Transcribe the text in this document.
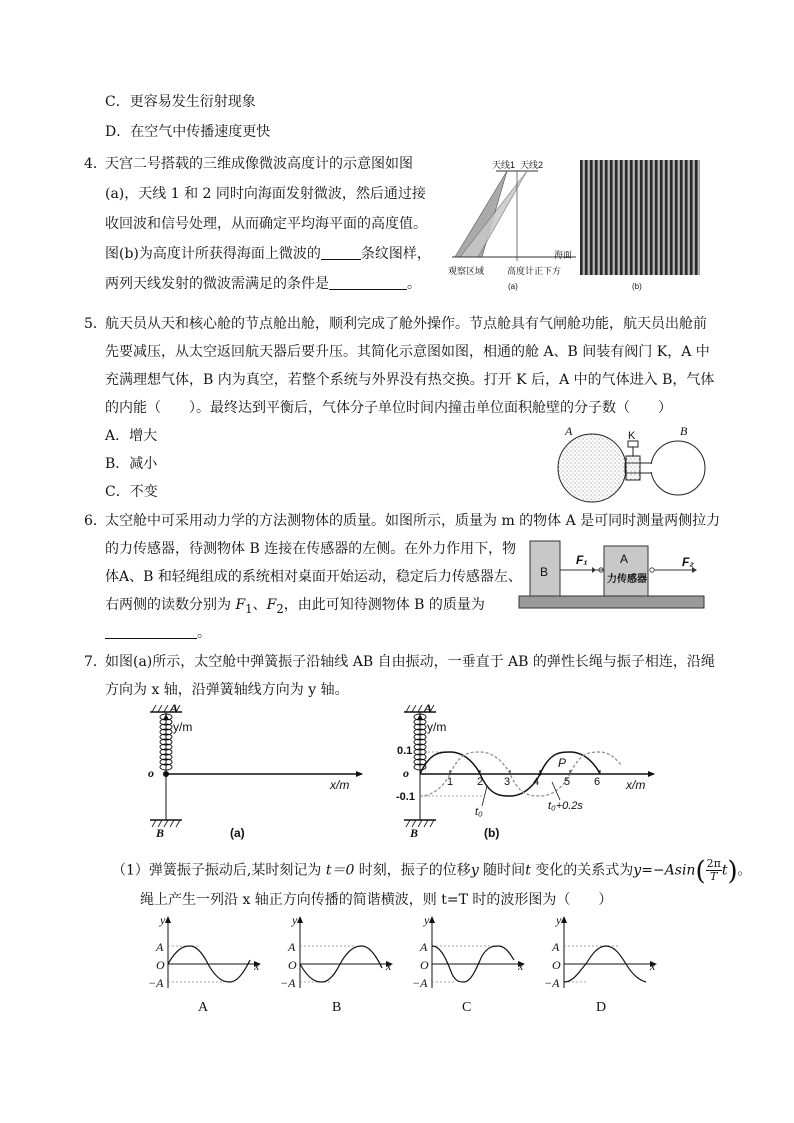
C．更容易发生衍射现象
D．在空气中传播速度更快
4．
天宫二号搭载的三维成像微波高度计的示意图如图
(a)，天线 1 和 2 同时向海面发射微波，然后通过接
收回波和信号处理，从而确定平均海平面的高度值。
图(b)为高度计所获得海面上微波的	条纹图样，
两列天线发射的微波需满足的条件是	。
天线1 天线2
海面
观察区域	高度计正下方
(a)	(b)
5．
航天员从天和核心舱的节点舱出舱，顺利完成了舱外操作。节点舱具有气闸舱功能，航天员出舱前
先要减压，从太空返回航天器后要升压。其简化示意图如图，相通的舱 A、B 间装有阀门 K，A 中
充满理想气体，B 内为真空，若整个系统与外界没有热交换。打开 K 后，A 中的气体进入 B，气体
的内能（　　）。最终达到平衡后，气体分子单位时间内撞击单位面积舱壁的分子数（　　）
A．增大
B．减小
C．不变
A	K	B
6．
太空舱中可采用动力学的方法测物体的质量。如图所示，质量为 m 的物体 A 是可同时测量两侧拉力
的力传感器，待测物体 B 连接在传感器的左侧。在外力作用下，物
体A、B 和轻绳组成的系统相对桌面开始运动，稳定后力传感器左、
右两侧的读数分别为 $F_1$、$F_2$，由此可知待测物体 B 的质量为
。
B
F₁	A
力传感器
F₂
7．
如图(a)所示，太空舱中弹簧振子沿轴线 AB 自由振动，一垂直于 AB 的弹性长绳与振子相连，沿绳
方向为 x 轴，沿弹簧轴线方向为 y 轴。
A
y/m
o
x/m
B	(a)
A
y/m
0.1
o
-0.1
B
1 2 3 4 5 6
P
x/m
t₀	t₀+0.2s
(b)
（1）弹簧振子振动后,某时刻记为 t＝0 时刻，振子的位移y 随时间t 变化的关系式为$y=-Asin( \frac{2\pi}{T} t)$。
绳上产生一列沿 x 轴正方向传播的简谐横波，则 t=T 时的波形图为（　　）
y
A
O
−A
x
A
y
A
O
−A
x
B
y
A
O
−A
x
C
y
A
O
−A
x
D
